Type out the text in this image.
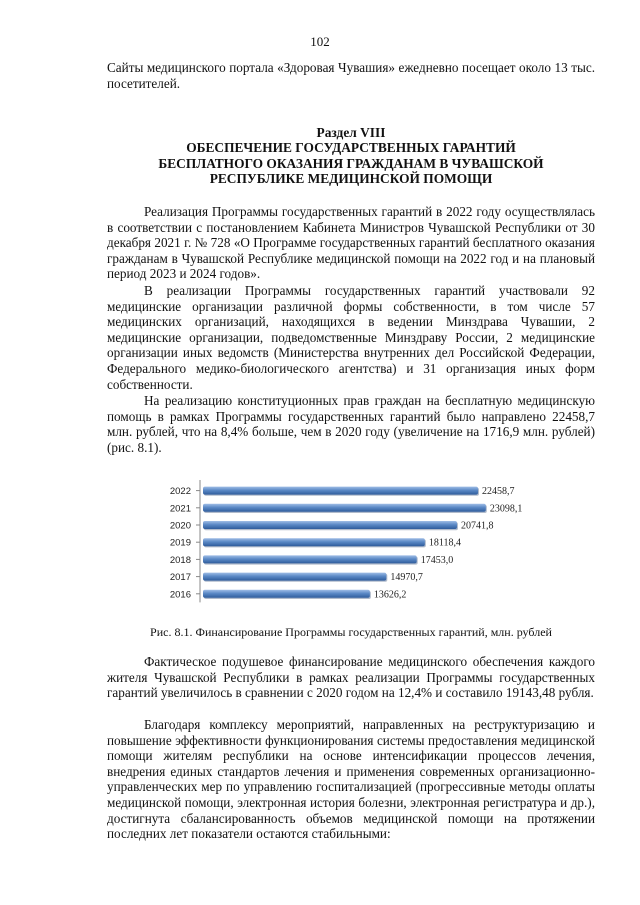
102

Сайты медицинского портала «Здоровая Чувашия» ежедневно посещает около 13 тыс. посетителей.

Раздел VIII
ОБЕСПЕЧЕНИЕ ГОСУДАРСТВЕННЫХ ГАРАНТИЙ
БЕСПЛАТНОГО ОКАЗАНИЯ ГРАЖДАНАМ В ЧУВАШСКОЙ
РЕСПУБЛИКЕ МЕДИЦИНСКОЙ ПОМОЩИ

Реализация Программы государственных гарантий в 2022 году осуществлялась в соответствии с постановлением Кабинета Министров Чувашской Республики от 30 декабря 2021 г. № 728 «О Программе государственных гарантий бесплатного оказания гражданам в Чувашской Республике медицинской помощи на 2022 год и на плановый период 2023 и 2024 годов».

В реализации Программы государственных гарантий участвовали 92 медицинские организации различной формы собственности, в том числе 57 медицинских организаций, находящихся в ведении Минздрава Чувашии, 2 медицинские организации, подведомственные Минздраву России, 2 медицинские организации иных ведомств (Министерства внутренних дел Российской Федерации, Федерального медико-биологического агентства) и 31 организация иных форм собственности.

На реализацию конституционных прав граждан на бесплатную медицинскую помощь в рамках Программы государственных гарантий было направлено 22458,7 млн. рублей, что на 8,4% больше, чем в 2020 году (увеличение на 1716,9 млн. рублей) (рис. 8.1).

2022	22458,7
2021	23098,1
2020	20741,8
2019	18118,4
2018	17453,0
2017	14970,7
2016	13626,2
Рис. 8.1. Финансирование Программы государственных гарантий, млн. рублей

Фактическое подушевое финансирование медицинского обеспечения каждого жителя Чувашской Республики в рамках реализации Программы государственных гарантий увеличилось в сравнении с 2020 годом на 12,4% и составило 19143,48 рубля.

Благодаря комплексу мероприятий, направленных на реструктуризацию и повышение эффективности функционирования системы предоставления медицинской помощи жителям республики на основе интенсификации процессов лечения, внедрения единых стандартов лечения и применения современных организационно-управленческих мер по управлению госпитализацией (прогрессивные методы оплаты медицинской помощи, электронная история болезни, электронная регистратура и др.), достигнута сбалансированность объемов медицинской помощи на протяжении последних лет показатели остаются стабильными:
